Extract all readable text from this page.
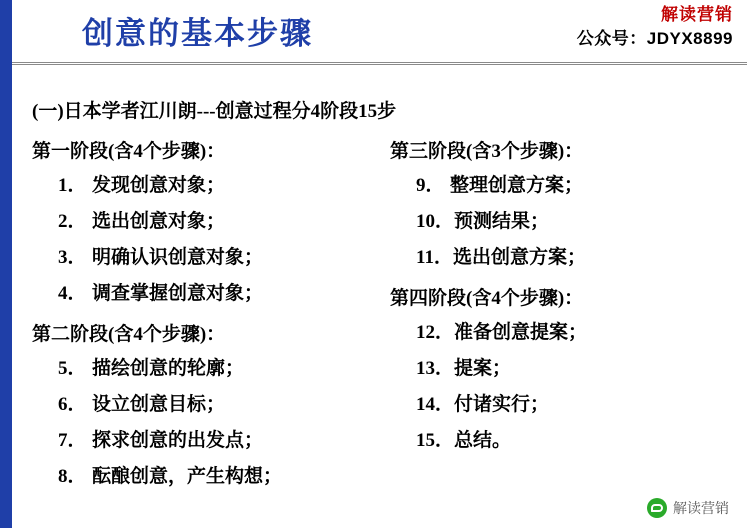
创意的基本步骤
解读营销
公众号：JDYX8899
(一)日本学者江川朗---创意过程分4阶段15步
第一阶段(含4个步骤)：
1． 发现创意对象；
2． 选出创意对象；
3． 明确认识创意对象；
4． 调查掌握创意对象；
第二阶段(含4个步骤)：
5． 描绘创意的轮廓；
6． 设立创意目标；
7． 探求创意的出发点；
8． 酝酿创意，产生构想；
第三阶段(含3个步骤)：
9． 整理创意方案；
10．预测结果；
11．选出创意方案；
第四阶段(含4个步骤)：
12．准备创意提案；
13．提案；
14．付诸实行；
15．总结。
解读营销
